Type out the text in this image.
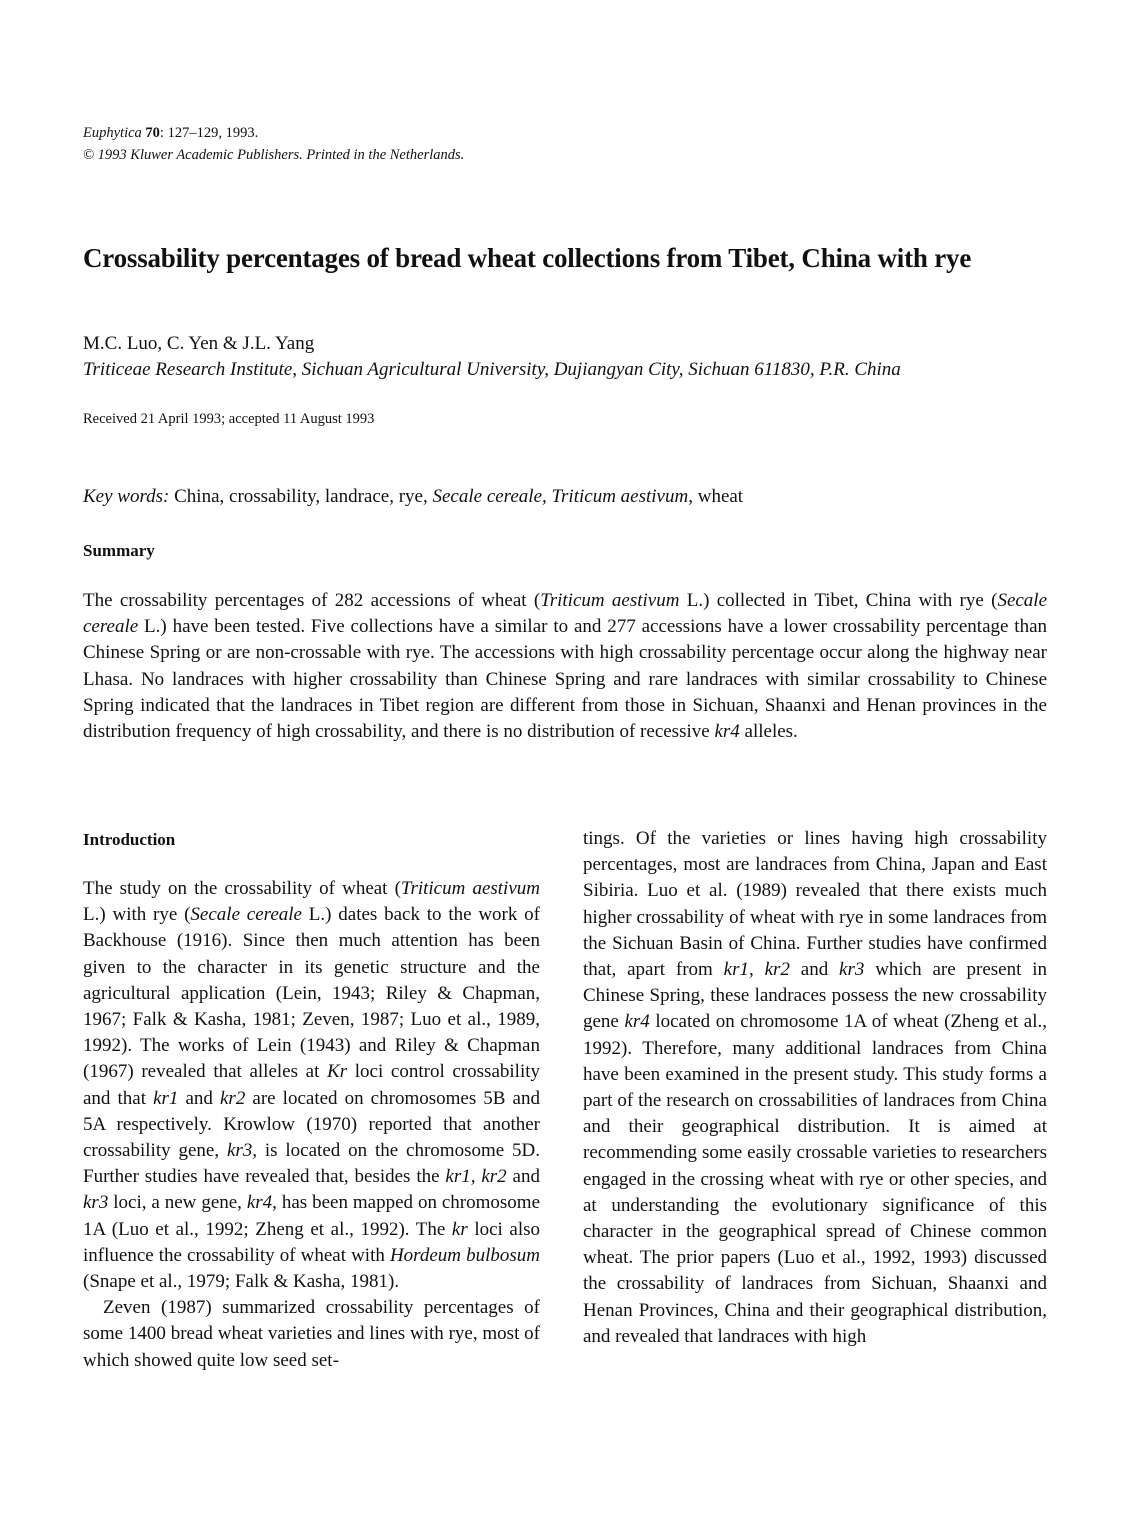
Euphytica 70: 127–129, 1993.
© 1993 Kluwer Academic Publishers. Printed in the Netherlands.
Crossability percentages of bread wheat collections from Tibet, China with rye
M.C. Luo, C. Yen & J.L. Yang
Triticeae Research Institute, Sichuan Agricultural University, Dujiangyan City, Sichuan 611830, P.R. China
Received 21 April 1993; accepted 11 August 1993
Key words: China, crossability, landrace, rye, Secale cereale, Triticum aestivum, wheat
Summary

The crossability percentages of 282 accessions of wheat (Triticum aestivum L.) collected in Tibet, China with rye (Secale cereale L.) have been tested. Five collections have a similar to and 277 accessions have a lower crossability percentage than Chinese Spring or are non-crossable with rye. The accessions with high crossability percentage occur along the highway near Lhasa. No landraces with higher crossability than Chinese Spring and rare landraces with similar crossability to Chinese Spring indicated that the landraces in Tibet region are different from those in Sichuan, Shaanxi and Henan provinces in the distribution frequency of high crossability, and there is no distribution of recessive kr4 alleles.

Introduction

The study on the crossability of wheat (Triticum aestivum L.) with rye (Secale cereale L.) dates back to the work of Backhouse (1916). Since then much attention has been given to the character in its genetic structure and the agricultural application (Lein, 1943; Riley & Chapman, 1967; Falk & Kasha, 1981; Zeven, 1987; Luo et al., 1989, 1992). The works of Lein (1943) and Riley & Chapman (1967) revealed that alleles at Kr loci control crossability and that kr1 and kr2 are located on chromosomes 5B and 5A respectively. Krowlow (1970) reported that another crossability gene, kr3, is located on the chromosome 5D. Further studies have revealed that, besides the kr1, kr2 and kr3 loci, a new gene, kr4, has been mapped on chromosome 1A (Luo et al., 1992; Zheng et al., 1992). The kr loci also influence the crossability of wheat with Hordeum bulbosum (Snape et al., 1979; Falk & Kasha, 1981).

Zeven (1987) summarized crossability percentages of some 1400 bread wheat varieties and lines with rye, most of which showed quite low seed set-

tings. Of the varieties or lines having high crossability percentages, most are landraces from China, Japan and East Sibiria. Luo et al. (1989) revealed that there exists much higher crossability of wheat with rye in some landraces from the Sichuan Basin of China. Further studies have confirmed that, apart from kr1, kr2 and kr3 which are present in Chinese Spring, these landraces possess the new crossability gene kr4 located on chromosome 1A of wheat (Zheng et al., 1992). Therefore, many additional landraces from China have been examined in the present study. This study forms a part of the research on crossabilities of landraces from China and their geographical distribution. It is aimed at recommending some easily crossable varieties to researchers engaged in the crossing wheat with rye or other species, and at understanding the evolutionary significance of this character in the geographical spread of Chinese common wheat. The prior papers (Luo et al., 1992, 1993) discussed the crossability of landraces from Sichuan, Shaanxi and Henan Provinces, China and their geographical distribution, and revealed that landraces with high
